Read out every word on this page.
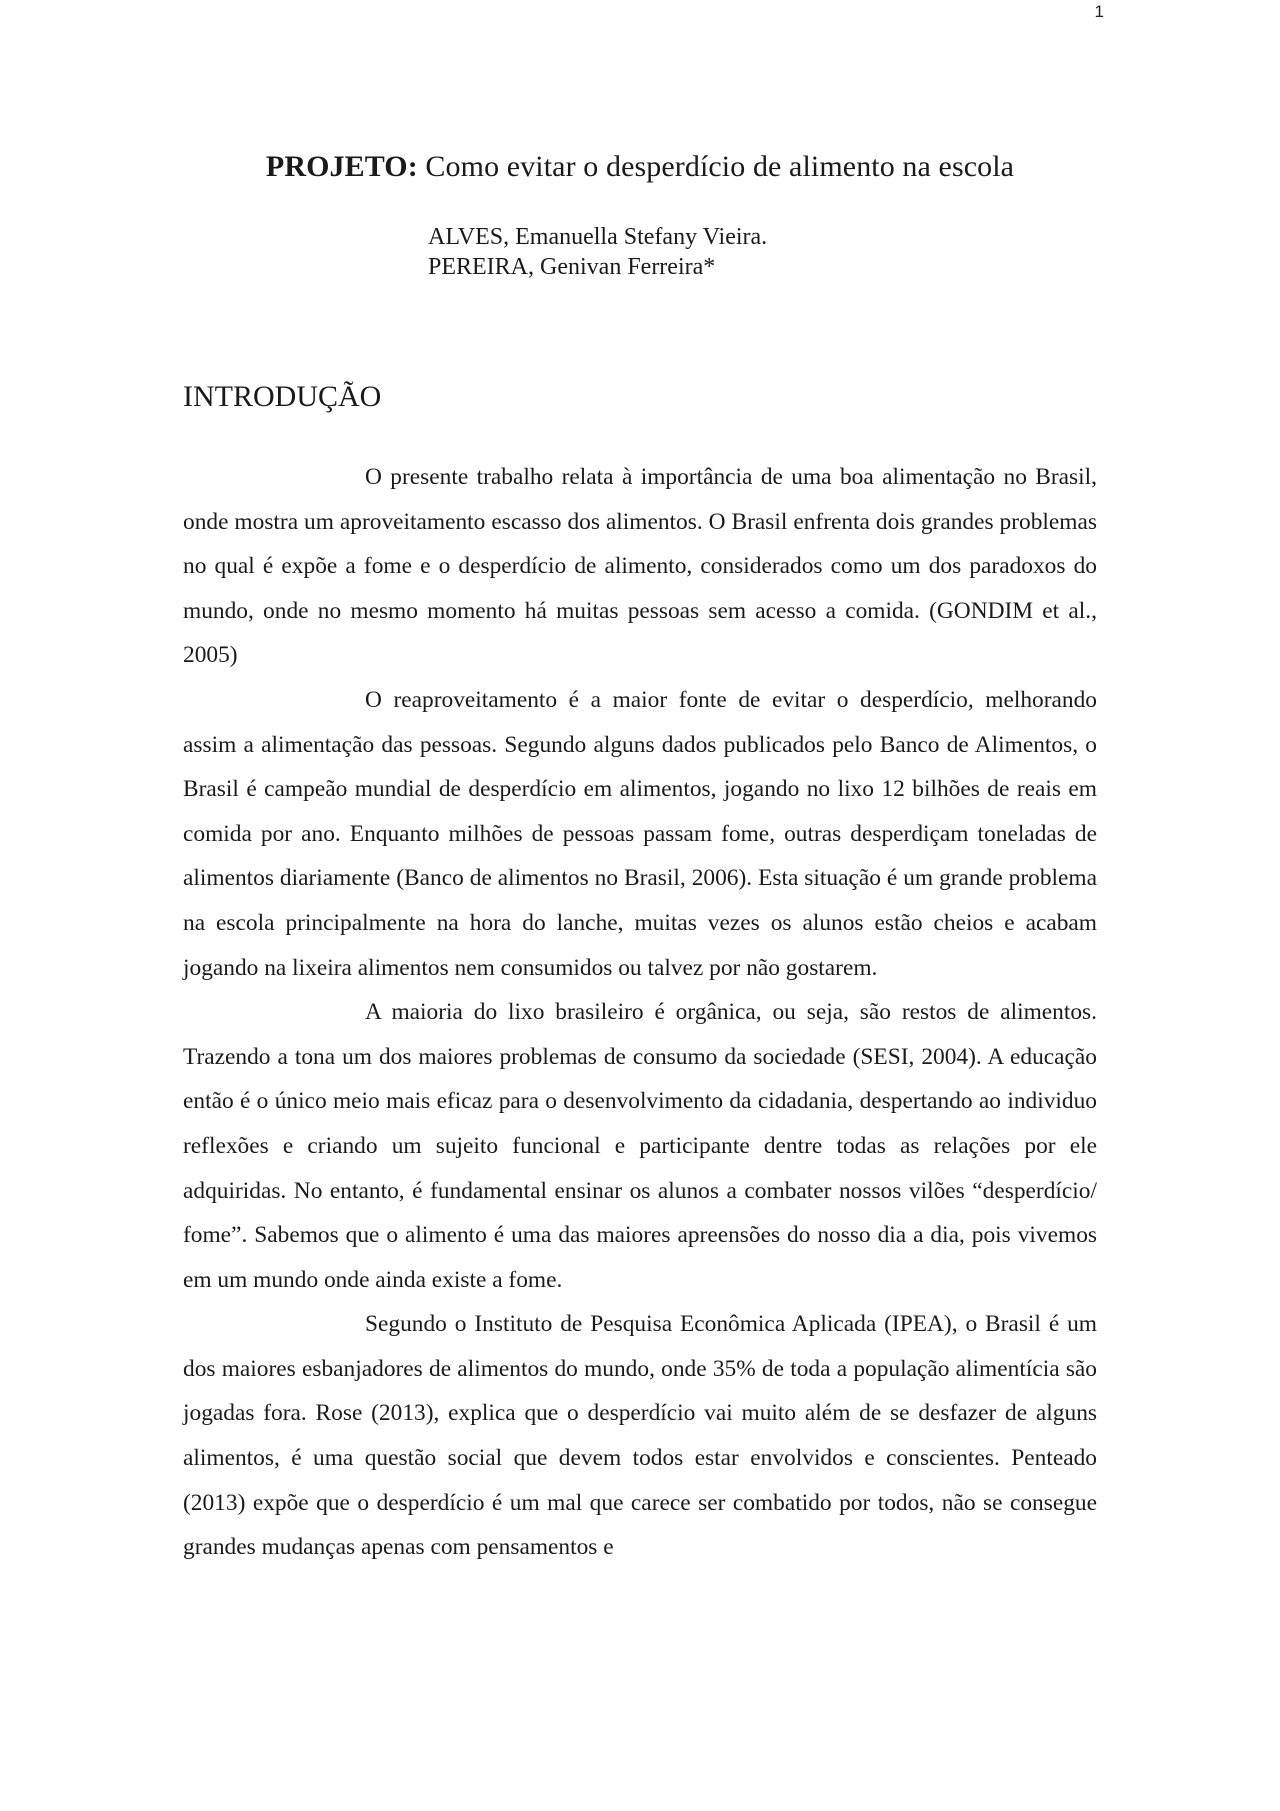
1
PROJETO: Como evitar o desperdício de alimento na escola
ALVES, Emanuella Stefany Vieira.
PEREIRA, Genivan Ferreira*
INTRODUÇÃO

O presente trabalho relata à importância de uma boa alimentação no Brasil, onde mostra um aproveitamento escasso dos alimentos. O Brasil enfrenta dois grandes problemas no qual é expõe a fome e o desperdício de alimento, considerados como um dos paradoxos do mundo, onde no mesmo momento há muitas pessoas sem acesso a comida. (GONDIM et al., 2005)

O reaproveitamento é a maior fonte de evitar o desperdício, melhorando assim a alimentação das pessoas. Segundo alguns dados publicados pelo Banco de Alimentos, o Brasil é campeão mundial de desperdício em alimentos, jogando no lixo 12 bilhões de reais em comida por ano. Enquanto milhões de pessoas passam fome, outras desperdiçam toneladas de alimentos diariamente (Banco de alimentos no Brasil, 2006). Esta situação é um grande problema na escola principalmente na hora do lanche, muitas vezes os alunos estão cheios e acabam jogando na lixeira alimentos nem consumidos ou talvez por não gostarem.

A maioria do lixo brasileiro é orgânica, ou seja, são restos de alimentos. Trazendo a tona um dos maiores problemas de consumo da sociedade (SESI, 2004). A educação então é o único meio mais eficaz para o desenvolvimento da cidadania, despertando ao individuo reflexões e criando um sujeito funcional e participante dentre todas as relações por ele adquiridas. No entanto, é fundamental ensinar os alunos a combater nossos vilões “desperdício/ fome”. Sabemos que o alimento é uma das maiores apreensões do nosso dia a dia, pois vivemos em um mundo onde ainda existe a fome.

Segundo o Instituto de Pesquisa Econômica Aplicada (IPEA), o Brasil é um dos maiores esbanjadores de alimentos do mundo, onde 35% de toda a população alimentícia são jogadas fora. Rose (2013), explica que o desperdício vai muito além de se desfazer de alguns alimentos, é uma questão social que devem todos estar envolvidos e conscientes. Penteado (2013) expõe que o desperdício é um mal que carece ser combatido por todos, não se consegue grandes mudanças apenas com pensamentos e
